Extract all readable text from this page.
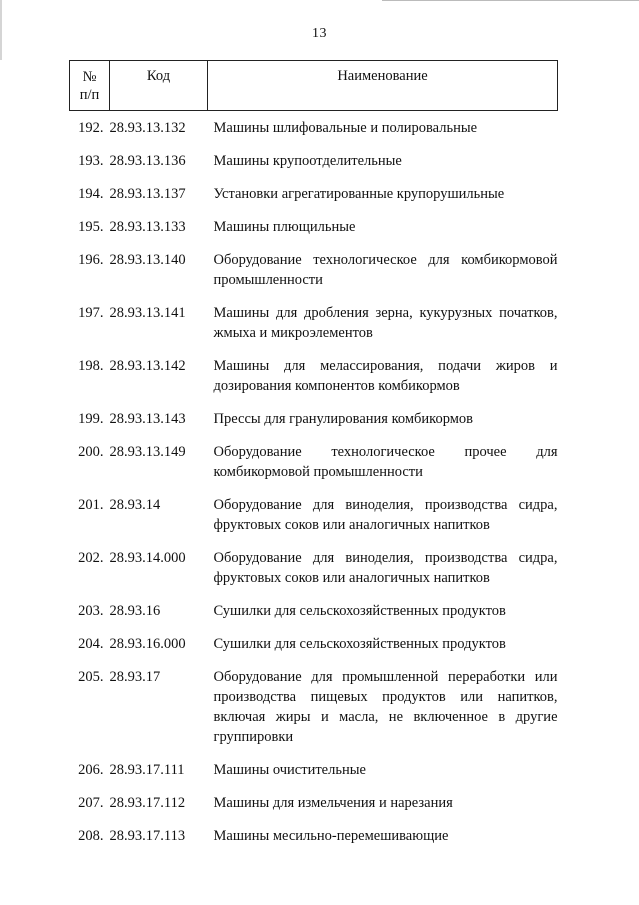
13
№
п/п	Код	Наименование
192.	28.93.13.132	Машины шлифовальные и полировальные
193.	28.93.13.136	Машины крупоотделительные
194.	28.93.13.137	Установки агрегатированные крупорушильные
195.	28.93.13.133	Машины плющильные
196.	28.93.13.140	Оборудование технологическое для комбикормовой промышленности
197.	28.93.13.141	Машины для дробления зерна, кукурузных початков, жмыха и микроэлементов
198.	28.93.13.142	Машины для мелассирования, подачи жиров и дозирования компонентов комбикормов
199.	28.93.13.143	Прессы для гранулирования комбикормов
200.	28.93.13.149	Оборудование технологическое прочее для комбикормовой промышленности
201.	28.93.14	Оборудование для виноделия, производства сидра, фруктовых соков или аналогичных напитков
202.	28.93.14.000	Оборудование для виноделия, производства сидра, фруктовых соков или аналогичных напитков
203.	28.93.16	Сушилки для сельскохозяйственных продуктов
204.	28.93.16.000	Сушилки для сельскохозяйственных продуктов
205.	28.93.17	Оборудование для промышленной переработки или производства пищевых продуктов или напитков, включая жиры и масла, не включенное в другие группировки
206.	28.93.17.111	Машины очистительные
207.	28.93.17.112	Машины для измельчения и нарезания
208.	28.93.17.113	Машины месильно-перемешивающие
